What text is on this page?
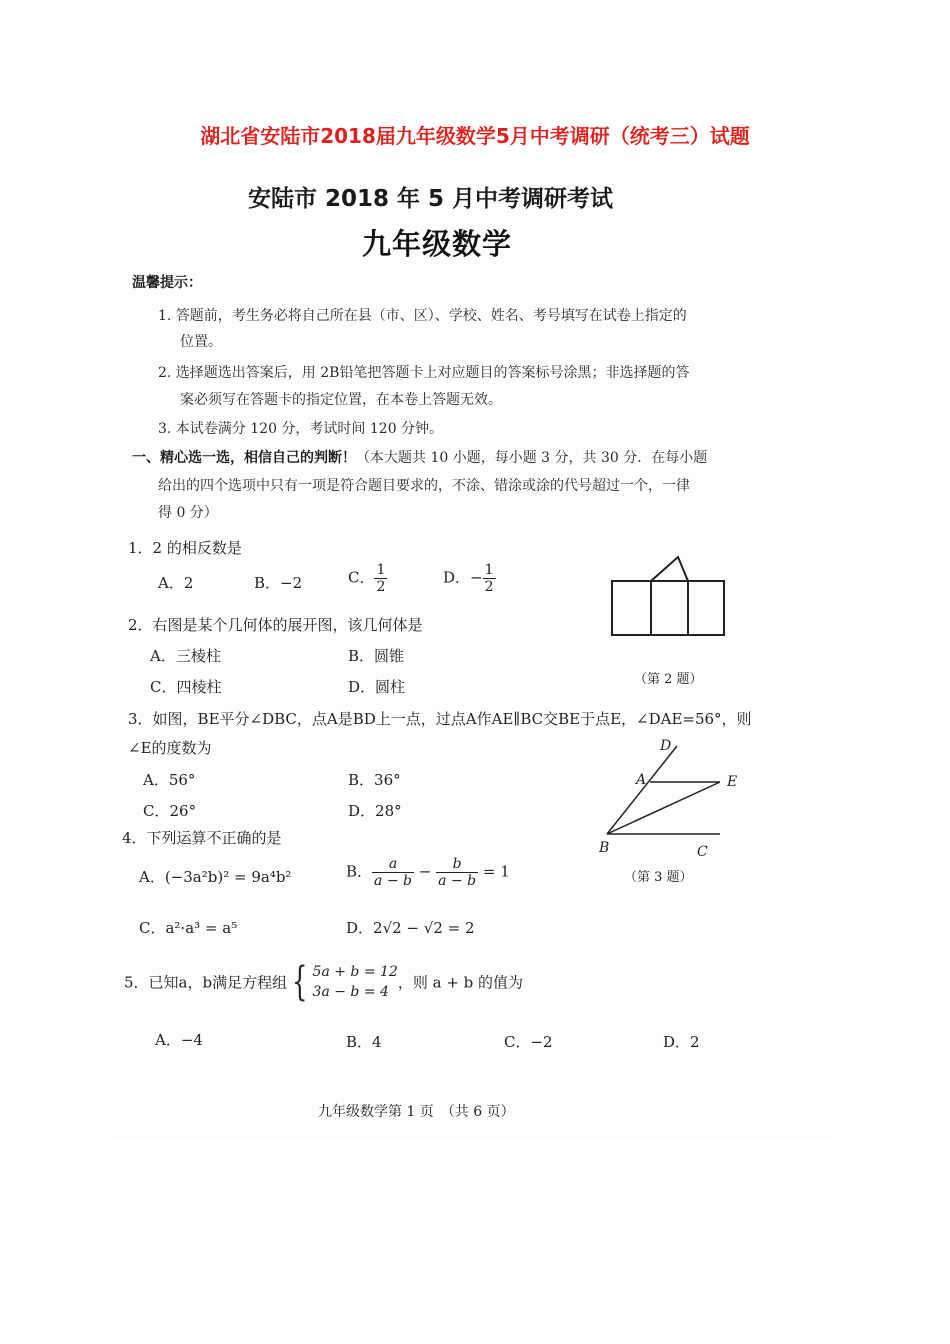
湖北省安陆市2018届九年级数学5月中考调研（统考三）试题
安陆市 2018 年 5 月中考调研考试
九年级数学
温馨提示：
1. 答题前，考生务必将自己所在县（市、区）、学校、姓名、考号填写在试卷上指定的
位置。
2. 选择题选出答案后，用 2B铅笔把答题卡上对应题目的答案标号涂黑；非选择题的答
案必须写在答题卡的指定位置，在本卷上答题无效。
3. 本试卷满分 120 分，考试时间 120 分钟。
一、精心选一选，相信自己的判断！（本大题共 10 小题，每小题 3 分，共 30 分．在每小题
给出的四个选项中只有一项是符合题目要求的，不涂、错涂或涂的代号超过一个，一律
得 0 分）
1．2 的相反数是
A．2	B．−2	C． $\frac{1}{2}$	D．− $\frac{1}{2}$
（第 2 题）
2．右图是某个几何体的展开图，该几何体是
A．三棱柱	B．圆锥
C．四棱柱	D．圆柱
3．如图，BE平分∠DBC，点A是BD上一点，过点A作AE∥BC交BE于点E，∠DAE=56°，则
∠E的度数为
A．56°	B．36°
C．26°	D．28°
D
A	E
B	C
（第 3 题）
4．下列运算不正确的是
A．(−3a²b)² = 9a⁴b²	B． $\frac{a}{a - b} - \frac{b}{a - b} = 1$
C．a²·a³ = a⁵	D．2√2 − √2 = 2
5．已知a，b满足方程组 { 5a + b = 12
3a − b = 4
，则 a + b 的值为
A．−4	B．4	C．−2	D．2
九年级数学第 1 页　（共 6 页）
